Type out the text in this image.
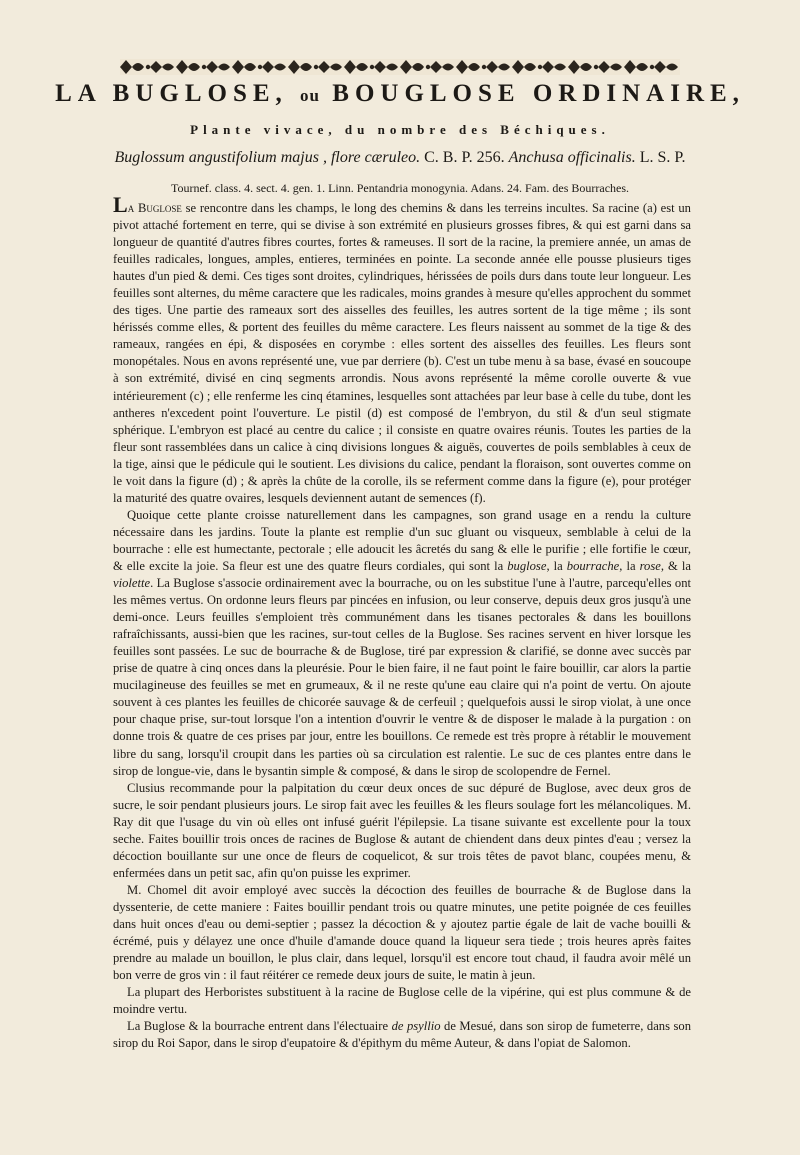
LA BUGLOSE, ou BOUGLOSE ORDINAIRE,
Plante vivace, du nombre des Béchiques.
Buglossum angustifolium majus , flore cæruleo. C. B. P. 256. Anchusa officinalis. L. S. P.
Tournef. class. 4. sect. 4. gen. 1. Linn. Pentandria monogynia. Adans. 24. Fam. des Bourraches.

La Buglose se rencontre dans les champs, le long des chemins & dans les terreins incultes. Sa racine (a) est un pivot attaché fortement en terre, qui se divise à son extrémité en plusieurs grosses fibres, & qui est garni dans sa longueur de quantité d'autres fibres courtes, fortes & rameuses. Il sort de la racine, la premiere année, un amas de feuilles radicales, longues, amples, entieres, terminées en pointe. La seconde année elle pousse plusieurs tiges hautes d'un pied & demi. Ces tiges sont droites, cylindriques, hérissées de poils durs dans toute leur longueur. Les feuilles sont alternes, du même caractere que les radicales, moins grandes à mesure qu'elles approchent du sommet des tiges. Une partie des rameaux sort des aisselles des feuilles, les autres sortent de la tige même ; ils sont hérissés comme elles, & portent des feuilles du même caractere. Les fleurs naissent au sommet de la tige & des rameaux, rangées en épi, & disposées en corymbe : elles sortent des aisselles des feuilles. Les fleurs sont monopétales. Nous en avons représenté une, vue par derriere (b). C'est un tube menu à sa base, évasé en soucoupe à son extrémité, divisé en cinq segments arrondis. Nous avons représenté la même corolle ouverte & vue intérieurement (c) ; elle renferme les cinq étamines, lesquelles sont attachées par leur base à celle du tube, dont les antheres n'excedent point l'ouverture. Le pistil (d) est composé de l'embryon, du stil & d'un seul stigmate sphérique. L'embryon est placé au centre du calice ; il consiste en quatre ovaires réunis. Toutes les parties de la fleur sont rassemblées dans un calice à cinq divisions longues & aiguës, couvertes de poils semblables à ceux de la tige, ainsi que le pédicule qui le soutient. Les divisions du calice, pendant la floraison, sont ouvertes comme on le voit dans la figure (d) ; & après la chûte de la corolle, ils se referment comme dans la figure (e), pour protéger la maturité des quatre ovaires, lesquels deviennent autant de semences (f).

Quoique cette plante croisse naturellement dans les campagnes, son grand usage en a rendu la culture nécessaire dans les jardins. Toute la plante est remplie d'un suc gluant ou visqueux, semblable à celui de la bourrache : elle est humectante, pectorale ; elle adoucit les âcretés du sang & elle le purifie ; elle fortifie le cœur, & elle excite la joie. Sa fleur est une des quatre fleurs cordiales, qui sont la buglose, la bourrache, la rose, & la violette. La Buglose s'associe ordinairement avec la bourrache, ou on les substitue l'une à l'autre, parcequ'elles ont les mêmes vertus. On ordonne leurs fleurs par pincées en infusion, ou leur conserve, depuis deux gros jusqu'à une demi-once. Leurs feuilles s'emploient très communément dans les tisanes pectorales & dans les bouillons rafraîchissants, aussi-bien que les racines, sur-tout celles de la Buglose. Ses racines servent en hiver lorsque les feuilles sont passées. Le suc de bourrache & de Buglose, tiré par expression & clarifié, se donne avec succès par prise de quatre à cinq onces dans la pleurésie. Pour le bien faire, il ne faut point le faire bouillir, car alors la partie mucilagineuse des feuilles se met en grumeaux, & il ne reste qu'une eau claire qui n'a point de vertu. On ajoute souvent à ces plantes les feuilles de chicorée sauvage & de cerfeuil ; quelquefois aussi le sirop violat, à une once pour chaque prise, sur-tout lorsque l'on a intention d'ouvrir le ventre & de disposer le malade à la purgation : on donne trois & quatre de ces prises par jour, entre les bouillons. Ce remede est très propre à rétablir le mouvement libre du sang, lorsqu'il croupit dans les parties où sa circulation est ralentie. Le suc de ces plantes entre dans le sirop de longue-vie, dans le bysantin simple & composé, & dans le sirop de scolopendre de Fernel.

Clusius recommande pour la palpitation du cœur deux onces de suc dépuré de Buglose, avec deux gros de sucre, le soir pendant plusieurs jours. Le sirop fait avec les feuilles & les fleurs soulage fort les mélancoliques. M. Ray dit que l'usage du vin où elles ont infusé guérit l'épilepsie. La tisane suivante est excellente pour la toux seche. Faites bouillir trois onces de racines de Buglose & autant de chiendent dans deux pintes d'eau ; versez la décoction bouillante sur une once de fleurs de coquelicot, & sur trois têtes de pavot blanc, coupées menu, & enfermées dans un petit sac, afin qu'on puisse les exprimer.

M. Chomel dit avoir employé avec succès la décoction des feuilles de bourrache & de Buglose dans la dyssenterie, de cette maniere : Faites bouillir pendant trois ou quatre minutes, une petite poignée de ces feuilles dans huit onces d'eau ou demi-septier ; passez la décoction & y ajoutez partie égale de lait de vache bouilli & écrémé, puis y délayez une once d'huile d'amande douce quand la liqueur sera tiede ; trois heures après faites prendre au malade un bouillon, le plus clair, dans lequel, lorsqu'il est encore tout chaud, il faudra avoir mêlé un bon verre de gros vin : il faut réitérer ce remede deux jours de suite, le matin à jeun.

La plupart des Herboristes substituent à la racine de Buglose celle de la vipérine, qui est plus commune & de moindre vertu.

La Buglose & la bourrache entrent dans l'électuaire de psyllio de Mesué, dans son sirop de fumeterre, dans son sirop du Roi Sapor, dans le sirop d'eupatoire & d'épithym du même Auteur, & dans l'opiat de Salomon.
